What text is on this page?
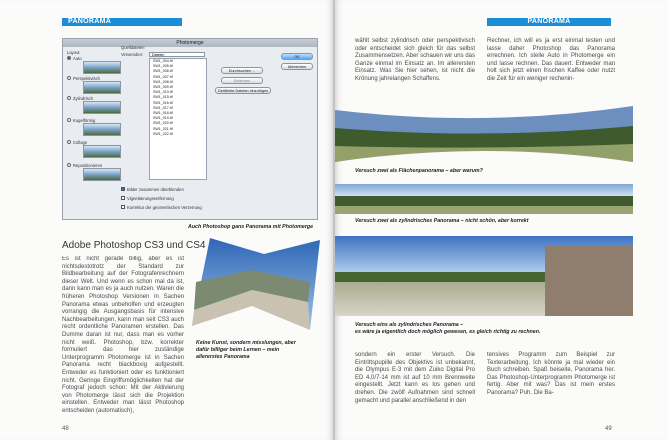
PANORAMA
Photomerge
Layout
Auto
Perspektivisch
Zylindrisch
Kugelförmig
Collage
Repositionieren
Quelldateien
Verwenden:	Dateien
SW1_004.tif
SW1_005.tif
SW1_006.tif
SW1_007.tif
SW1_008.tif
SW1_009.tif
SW1_010.tif
SW1_015.tif
SW1_016.tif
SW1_017.tif
SW1_018.tif
SW1_019.tif
SW1_020.tif
SW1_021.tif
SW1_022.tif
Durchsuchen ...
Entfernen
Geöffnete Dateien hinzufügen
OK
Abbrechen
Bilder zusammen überblenden
Vignettierungsentfernung
Korrektur der geometrischen Verzerrung
Auch Photoshop gans Panorama mit Photomerge
Adobe Photoshop CS3 und CS4
Es ist nicht gerade billig, aber es ist nichtsdestotrotz der Standard zur Bildbearbeitung auf der Fotografenrechnern dieser Welt. Und wenn es schon mal da ist, dann kann man es ja auch nutzen. Waren die früheren Photoshop Versionen in Sachen Panorama etwas unbeholfen und erzeugten vorrangig die Ausgangsbasis für intensive Nachbearbeitungen, kann man seit CS3 auch recht ordentliche Panoramen erstellen. Das Dumme daran ist nur, dass man es vorher nicht weiß. Photoshop, bzw. korrekter formuliert das hier zuständige Unterprogramm Photomerge ist in Sachen Panorama recht blackboxig aufgestellt. Entweder es funktioniert oder es funktioniert nicht. Geringe Eingriffsmöglichkeiten hat der Fotograf jedoch schon: Mit der Aktivierung von Photomerge lässt sich die Projektion einstellen. Entweder man lässt Photoshop entscheiden (automatisch),
Keine Kunst, sondern misslungen, aber dafür billiger beim Lernen – mein allererstes Panorama
48
PANORAMA
wählt selbst zylindrisch oder perspektivisch oder entscheidet sich gleich für das selbst Zusammensetzen. Aber schauen wir uns das Ganze einmal im Einsatz an. Im allerersten Einsatz. Was Sie hier sehen, ist nicht die Krönung jahrelangen Schaffens.
Rechner, ich will es ja erst einmal testen und lasse daher Photoshop das Panorama errechnen. Ich stelle Auto in Photomerge ein und lasse rechnen. Das dauert. Entweder man holt sich jetzt einen frischen Kaffee oder nutzt die Zeit für ein weniger rechenin-
Versuch zwei als Flächenpanorama – aber warum?
Versuch zwei als zylindrisches Panorama – nicht schön, aber korrekt
Versuch eins als zylindrisches Panorama –
es wäre ja eigentlich doch möglich gewesen, es gleich richtig zu rechnen.
sondern ein erster Versuch. Die Eintrittspupille des Objektivs ist unbekannt, die Olympus E-3 mit dem Zuiko Digital Pro ED 4,0/7-14 mm ist auf 10 mm Brennweite eingestellt. Jetzt kann es los gehen und drehen. Die zwölf Aufnahmen sind schnell gemacht und parallel anschließend in den
tensives Programm zum Beispiel zur Texterarbeitung. Ich könnte ja mal wieder ein Buch schreiben. Spaß beiseite, Panorama her. Das Photoshop-Unterprogramm Photomerge ist fertig. Aber mit was? Das ist mein erstes Panorama? Puh. Die Ba-
49
